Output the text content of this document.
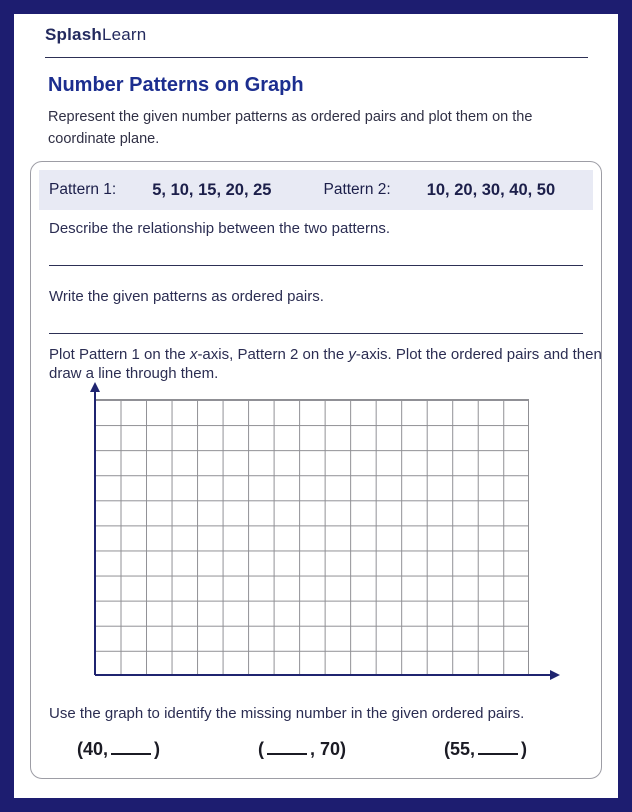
SplashLearn
Number Patterns on Graph
Represent the given number patterns as ordered pairs and plot them on the coordinate plane.
Pattern 1: 5, 10, 15, 20, 25	Pattern 2: 10, 20, 30, 40, 50
Describe the relationship between the two patterns.
Write the given patterns as ordered pairs.
Plot Pattern 1 on the x-axis, Pattern 2 on the y-axis. Plot the ordered pairs and then draw a line through them.
Use the graph to identify the missing number in the given ordered pairs.
(40,	)	(	, 70)	(55,	)
